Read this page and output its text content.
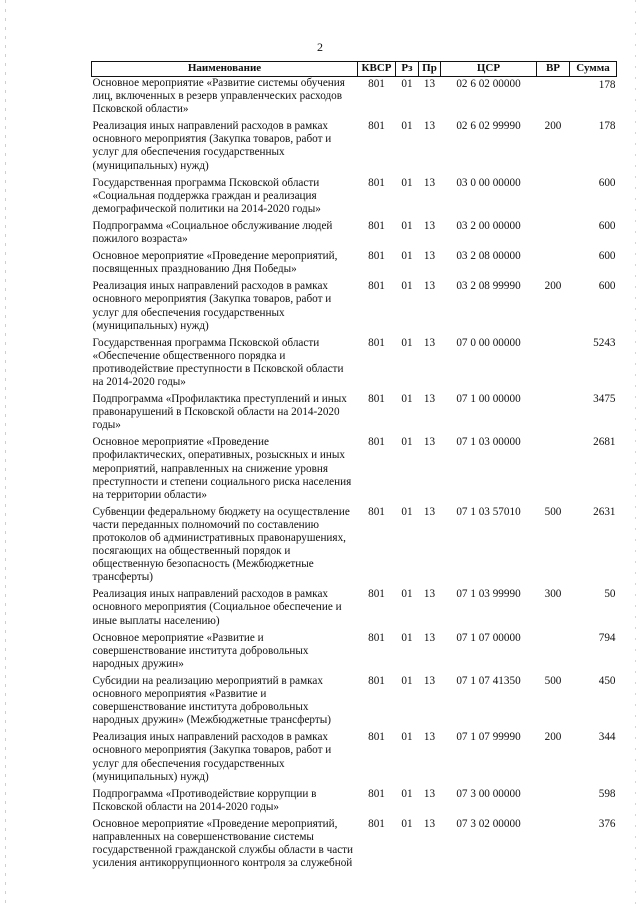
2
Наименование	КВСР	Рз	Пр	ЦСР	ВР	Сумма
Основное мероприятие «Развитие системы обучения лиц, включенных в резерв управленческих расходов Псковской области»	801	01	13	02 6 02 00000		178
Реализация иных направлений расходов в рамках основного мероприятия (Закупка товаров, работ и услуг для обеспечения государственных (муниципальных) нужд)	801	01	13	02 6 02 99990	200	178
Государственная программа Псковской области «Социальная поддержка граждан и реализация демографической политики на 2014-2020 годы»	801	01	13	03 0 00 00000		600
Подпрограмма «Социальное обслуживание людей пожилого возраста»	801	01	13	03 2 00 00000		600
Основное мероприятие «Проведение мероприятий, посвященных празднованию Дня Победы»	801	01	13	03 2 08 00000		600
Реализация иных направлений расходов в рамках основного мероприятия (Закупка товаров, работ и услуг для обеспечения государственных (муниципальных) нужд)	801	01	13	03 2 08 99990	200	600
Государственная программа Псковской области «Обеспечение общественного порядка и противодействие преступности в Псковской области на 2014-2020 годы»	801	01	13	07 0 00 00000		5243
Подпрограмма «Профилактика преступлений и иных правонарушений в Псковской области на 2014-2020 годы»	801	01	13	07 1 00 00000		3475
Основное мероприятие «Проведение профилактических, оперативных, розыскных и иных мероприятий, направленных на снижение уровня преступности и степени социального риска населения на территории области»	801	01	13	07 1 03 00000		2681
Субвенции федеральному бюджету на осуществление части переданных полномочий по составлению протоколов об административных правонарушениях, посягающих на общественный порядок и общественную безопасность (Межбюджетные трансферты)	801	01	13	07 1 03 57010	500	2631
Реализация иных направлений расходов в рамках основного мероприятия (Социальное обеспечение и иные выплаты населению)	801	01	13	07 1 03 99990	300	50
Основное мероприятие «Развитие и совершенствование института добровольных народных дружин»	801	01	13	07 1 07 00000		794
Субсидии на реализацию мероприятий в рамках основного мероприятия «Развитие и совершенствование института добровольных народных дружин» (Межбюджетные трансферты)	801	01	13	07 1 07 41350	500	450
Реализация иных направлений расходов в рамках основного мероприятия (Закупка товаров, работ и услуг для обеспечения государственных (муниципальных) нужд)	801	01	13	07 1 07 99990	200	344
Подпрограмма «Противодействие коррупции в Псковской области на 2014-2020 годы»	801	01	13	07 3 00 00000		598
Основное мероприятие «Проведение мероприятий, направленных на совершенствование системы государственной гражданской службы области в части усиления антикоррупционного контроля за служебной	801	01	13	07 3 02 00000		376
